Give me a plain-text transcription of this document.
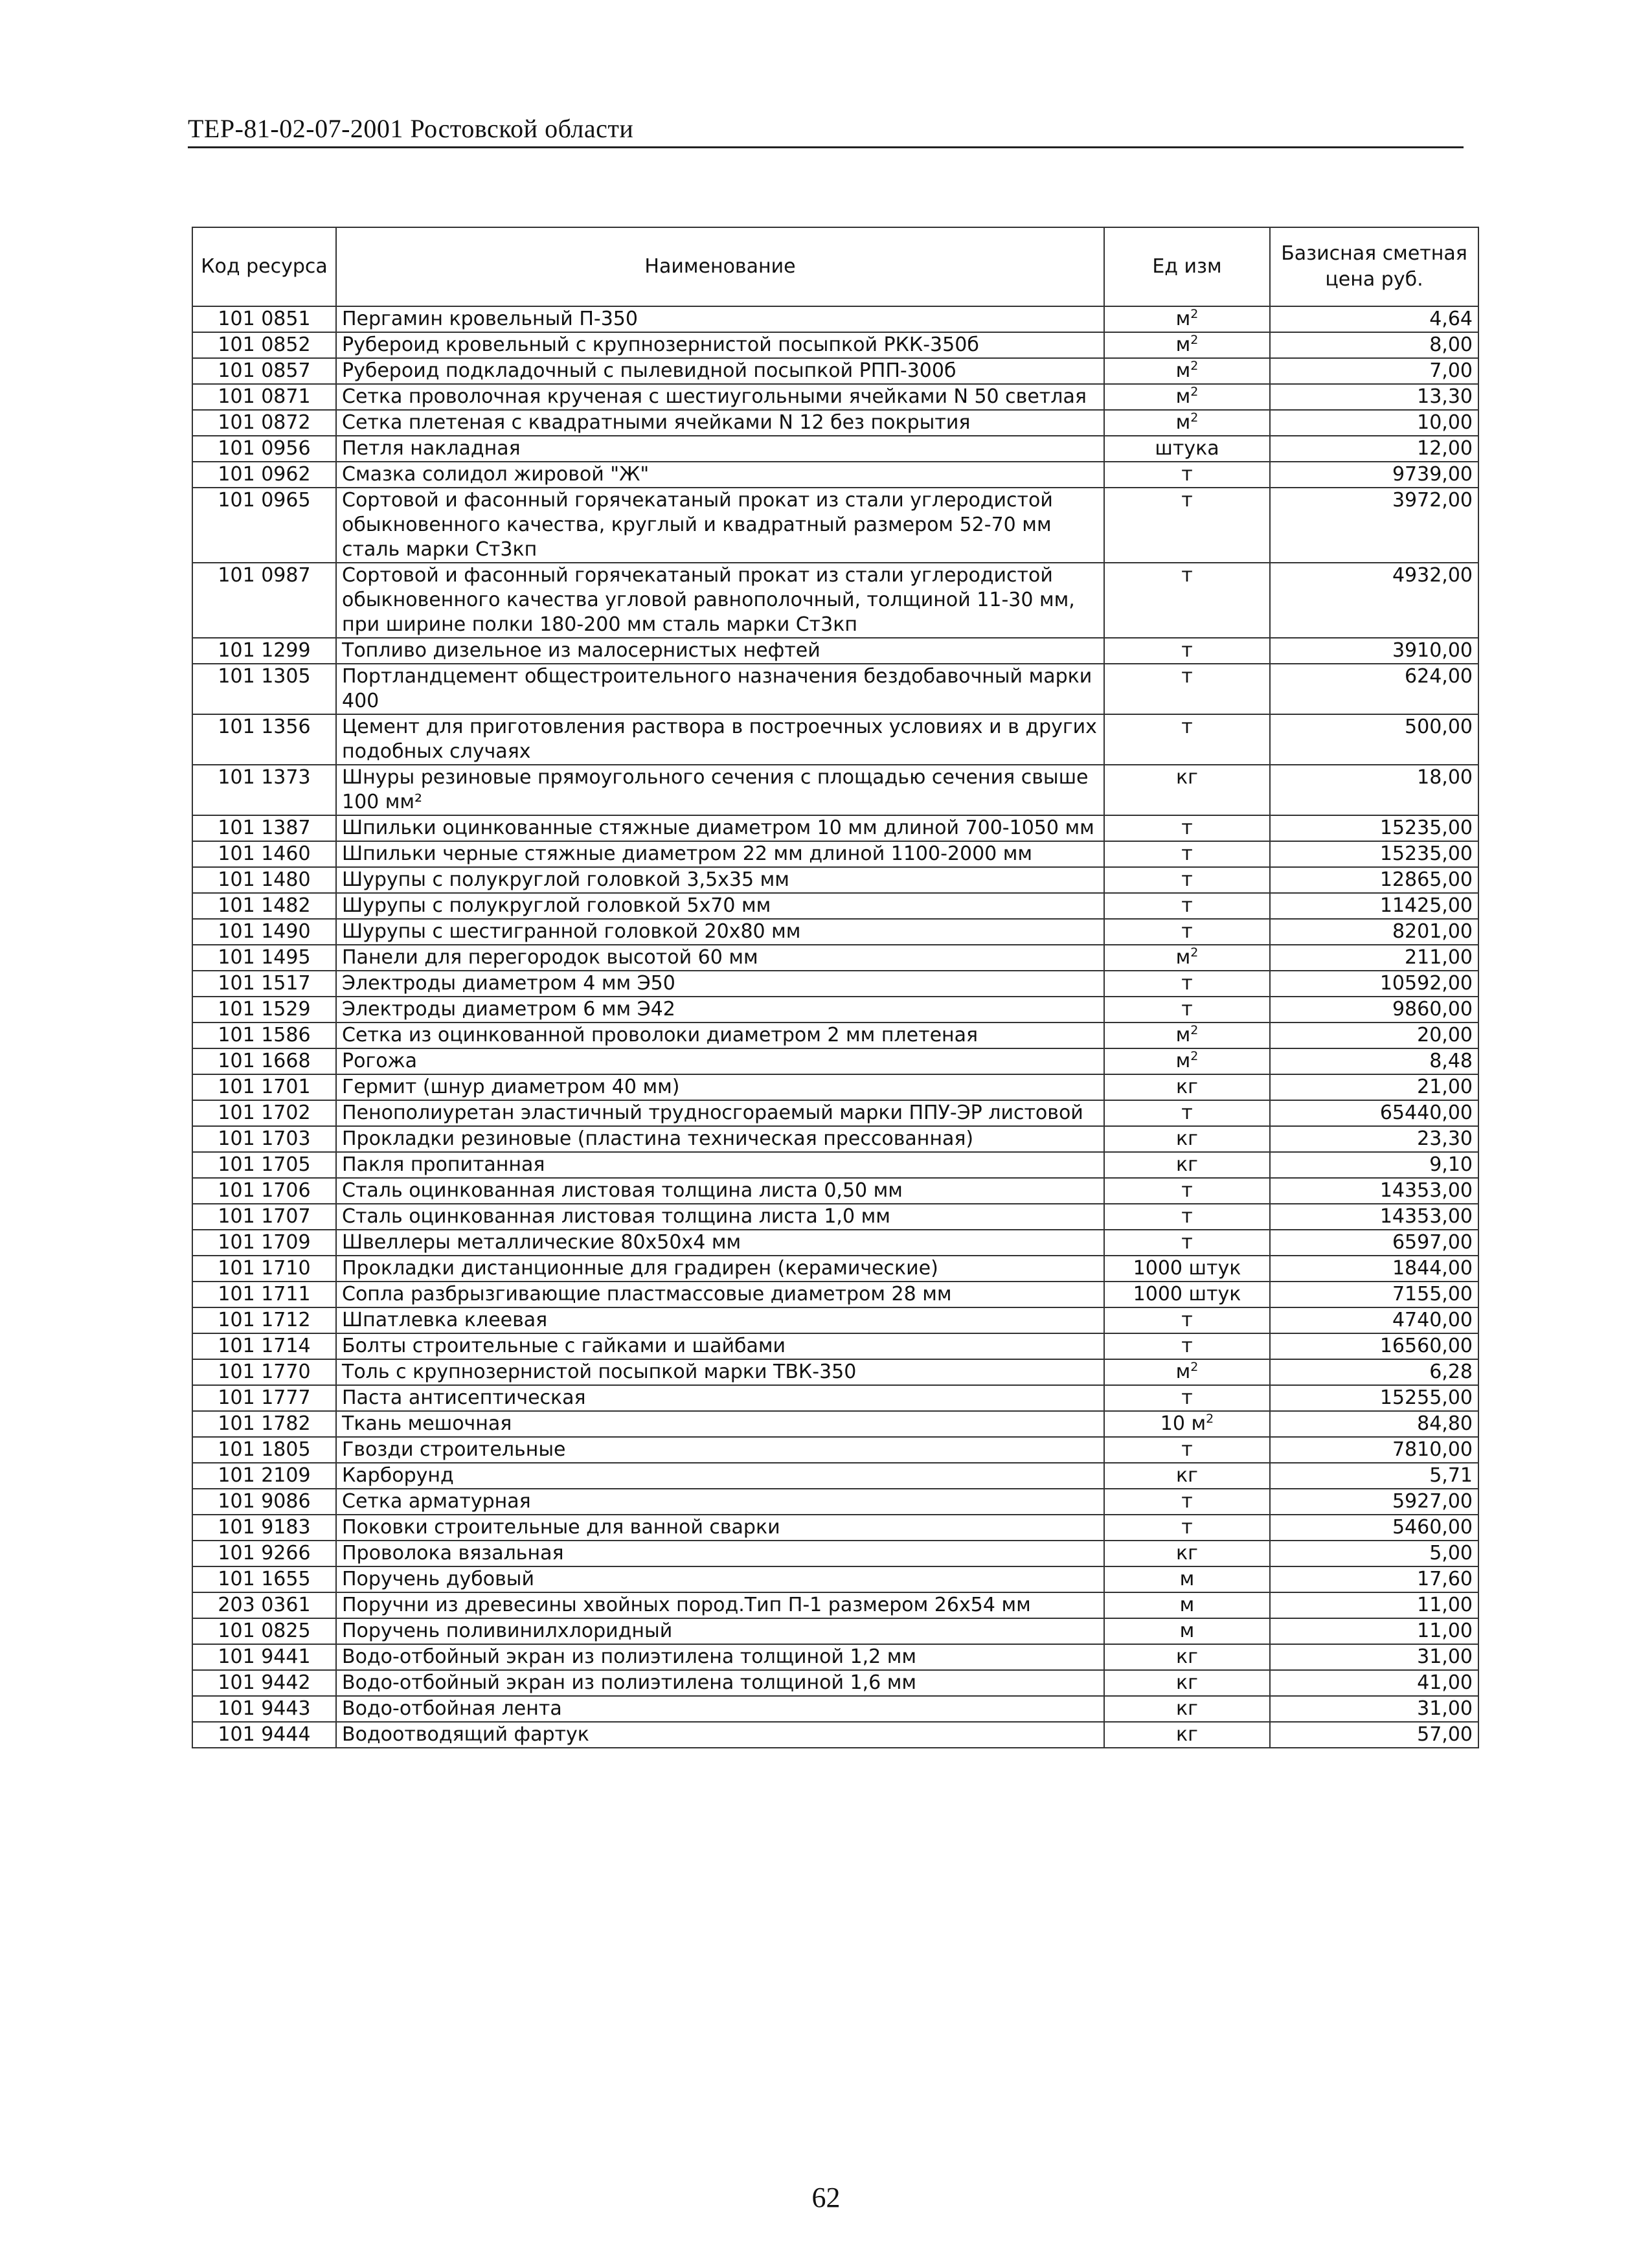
ТЕР-81-02-07-2001 Ростовской области
Код ресурса	Наименование	Ед изм	Базисная сметная цена руб.
101 0851	Пергамин кровельный П-350	$м^2$	4,64
101 0852	Рубероид кровельный с крупнозернистой посыпкой РКК-350б	$м^2$	8,00
101 0857	Рубероид подкладочный с пылевидной посыпкой РПП-300б	$м^2$	7,00
101 0871	Сетка проволочная крученая с шестиугольными ячейками N 50 светлая	$м^2$	13,30
101 0872	Сетка плетеная с квадратными ячейками N 12 без покрытия	$м^2$	10,00
101 0956	Петля накладная	штука	12,00
101 0962	Смазка солидол жировой "Ж"	т	9739,00
101 0965	Сортовой и фасонный горячекатаный прокат из стали углеродистой обыкновенного качества, круглый и квадратный размером 52-70 мм сталь марки Ст3кп	т	3972,00
101 0987	Сортовой и фасонный горячекатаный прокат из стали углеродистой обыкновенного качества угловой равнополочный, толщиной 11-30 мм, при ширине полки 180-200 мм сталь марки Ст3кп	т	4932,00
101 1299	Топливо дизельное из малосернистых нефтей	т	3910,00
101 1305	Портландцемент общестроительного назначения бездобавочный марки 400	т	624,00
101 1356	Цемент для приготовления раствора в построечных условиях и в других подобных случаях	т	500,00
101 1373	Шнуры резиновые прямоугольного сечения с площадью сечения свыше 100 мм²	кг	18,00
101 1387	Шпильки оцинкованные стяжные диаметром 10 мм длиной 700-1050 мм	т	15235,00
101 1460	Шпильки черные стяжные диаметром 22 мм длиной 1100-2000 мм	т	15235,00
101 1480	Шурупы с полукруглой головкой 3,5х35 мм	т	12865,00
101 1482	Шурупы с полукруглой головкой 5х70 мм	т	11425,00
101 1490	Шурупы с шестигранной головкой 20х80 мм	т	8201,00
101 1495	Панели для перегородок высотой 60 мм	$м^2$	211,00
101 1517	Электроды диаметром 4 мм Э50	т	10592,00
101 1529	Электроды диаметром 6 мм Э42	т	9860,00
101 1586	Сетка из оцинкованной проволоки диаметром 2 мм плетеная	$м^2$	20,00
101 1668	Рогожа	$м^2$	8,48
101 1701	Гермит (шнур диаметром 40 мм)	кг	21,00
101 1702	Пенополиуретан эластичный трудносгораемый марки ППУ-ЭР листовой	т	65440,00
101 1703	Прокладки резиновые (пластина техническая прессованная)	кг	23,30
101 1705	Пакля пропитанная	кг	9,10
101 1706	Сталь оцинкованная листовая толщина листа 0,50 мм	т	14353,00
101 1707	Сталь оцинкованная листовая толщина листа 1,0 мм	т	14353,00
101 1709	Швеллеры металлические 80х50х4 мм	т	6597,00
101 1710	Прокладки дистанционные для градирен (керамические)	1000 штук	1844,00
101 1711	Сопла разбрызгивающие пластмассовые диаметром 28 мм	1000 штук	7155,00
101 1712	Шпатлевка клеевая	т	4740,00
101 1714	Болты строительные с гайками и шайбами	т	16560,00
101 1770	Толь с крупнозернистой посыпкой марки ТВК-350	$м^2$	6,28
101 1777	Паста антисептическая	т	15255,00
101 1782	Ткань мешочная	10 $м^2$	84,80
101 1805	Гвозди строительные	т	7810,00
101 2109	Карборунд	кг	5,71
101 9086	Сетка арматурная	т	5927,00
101 9183	Поковки строительные для ванной сварки	т	5460,00
101 9266	Проволока вязальная	кг	5,00
101 1655	Поручень дубовый	м	17,60
203 0361	Поручни из древесины хвойных пород.Тип П-1 размером 26х54 мм	м	11,00
101 0825	Поручень поливинилхлоридный	м	11,00
101 9441	Водо-отбойный экран из полиэтилена толщиной 1,2 мм	кг	31,00
101 9442	Водо-отбойный экран из полиэтилена толщиной 1,6 мм	кг	41,00
101 9443	Водо-отбойная лента	кг	31,00
101 9444	Водоотводящий фартук	кг	57,00
62
